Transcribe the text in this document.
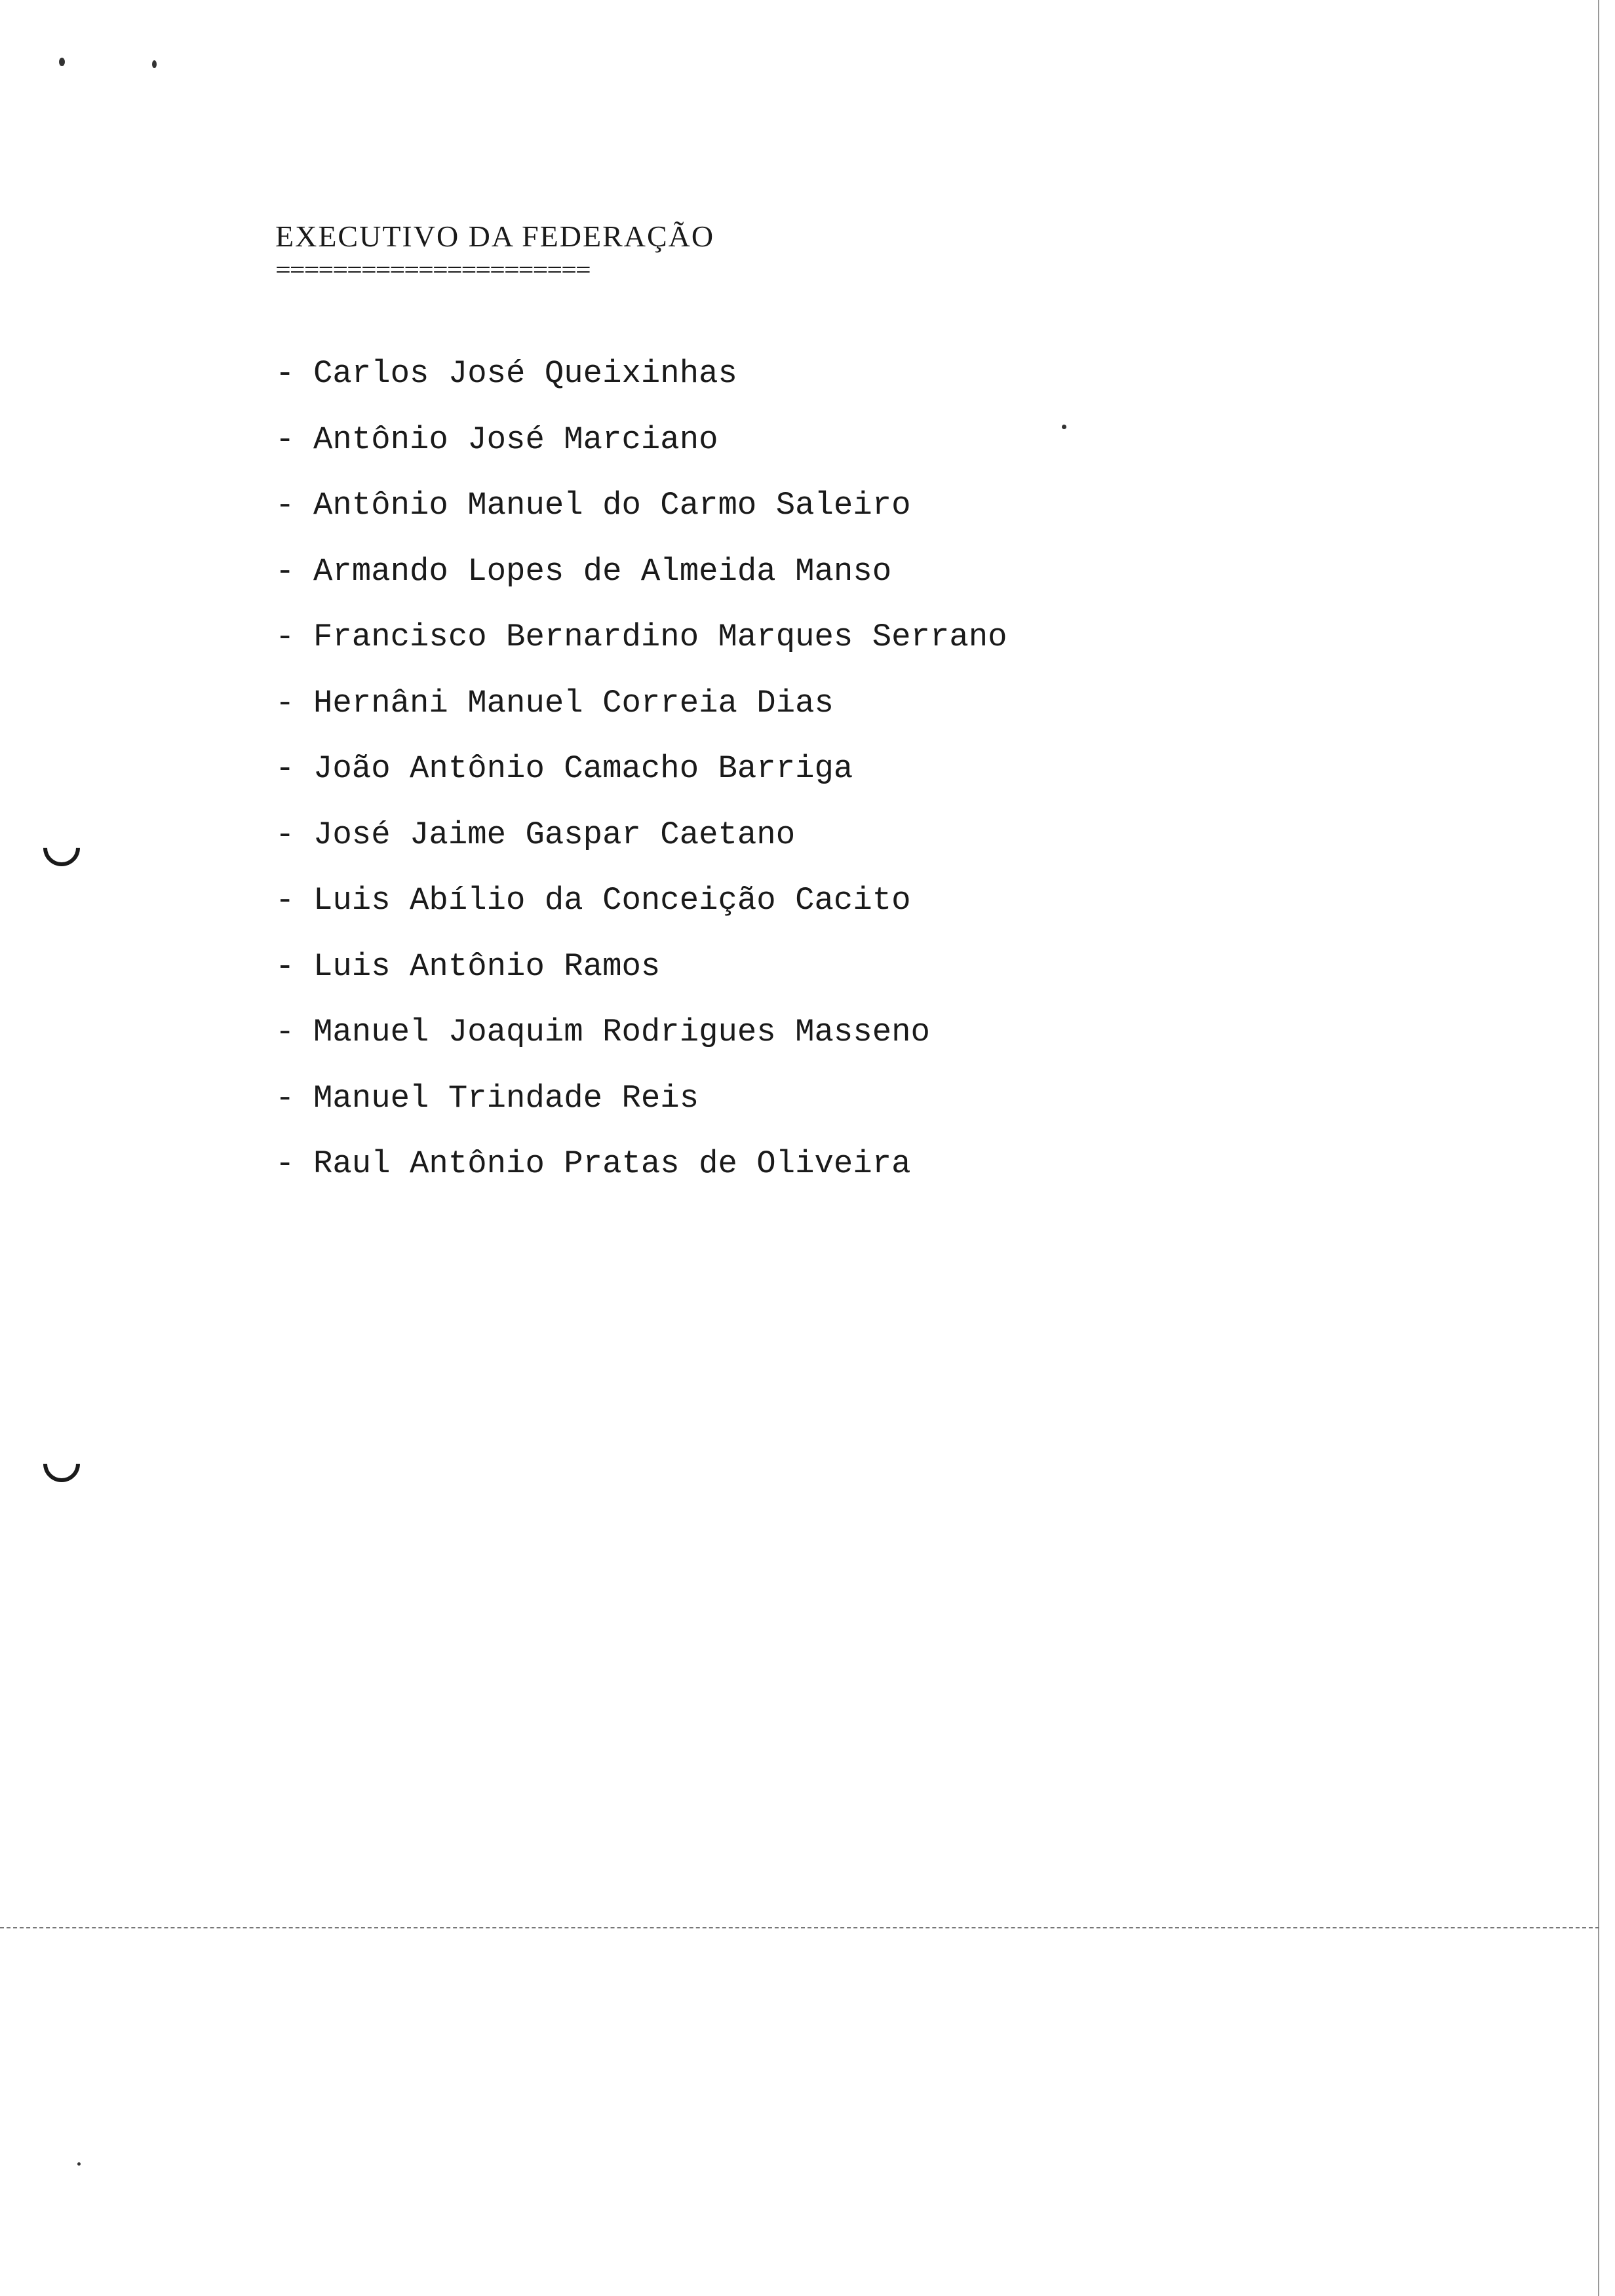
EXECUTIVO DA FEDERAÇÃO
======================
- Carlos José Queixinhas
- Antônio José Marciano
- Antônio Manuel do Carmo Saleiro
- Armando Lopes de Almeida Manso
- Francisco Bernardino Marques Serrano
- Hernâni Manuel Correia Dias
- João Antônio Camacho Barriga
- José Jaime Gaspar Caetano
- Luis Abílio da Conceição Cacito
- Luis Antônio Ramos
- Manuel Joaquim Rodrigues Masseno
- Manuel Trindade Reis
- Raul Antônio Pratas de Oliveira
